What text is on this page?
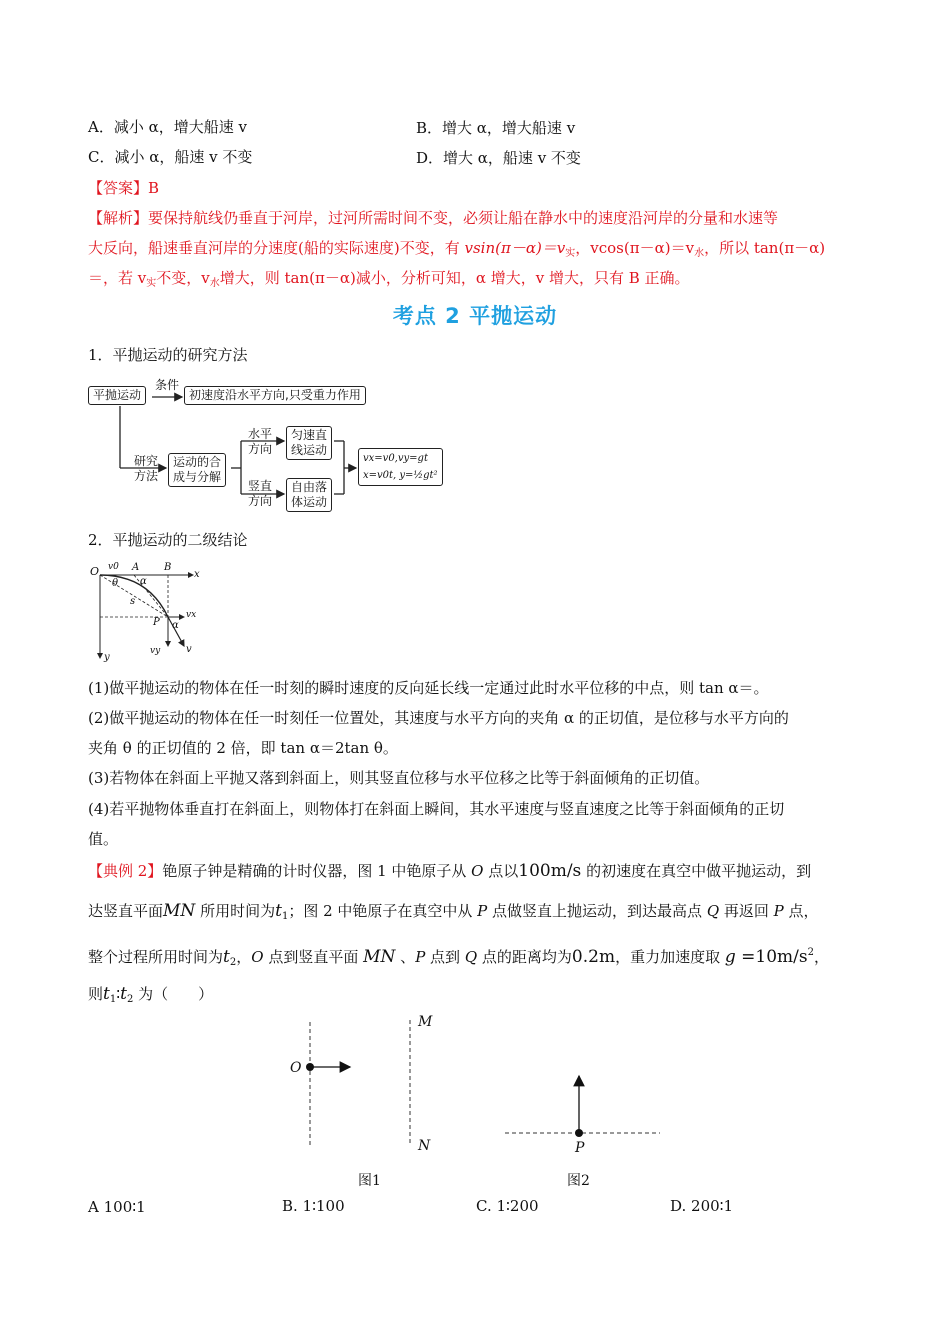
A．减小 α，增大船速 v	B．增大 α，增大船速 v
C．减小 α，船速 v 不变	D．增大 α，船速 v 不变
【答案】B
【解析】要保持航线仍垂直于河岸，过河所需时间不变，必须让船在静水中的速度沿河岸的分量和水速等
大反向，船速垂直河岸的分速度(船的实际速度)不变，有 $vsin(\pi-\alpha)=v_实$，$vcos(\pi-\alpha)=v_水$，所以 tan(π－α)
＝，若 $v_实$不变，$v_水$增大，则 tan(π－α)减小，分析可知，α 增大，v 增大，只有 B 正确。
考点 2 平抛运动
1．平抛运动的研究方法
平抛运动
条件
初速度沿水平方向,只受重力作用
研究
方法
运动的合
成与分解
水平
方向
竖直
方向
匀速直
线运动
自由落
体运动
vx=v0,vy=gt
x=v0t, y=½gt²
2．平抛运动的二级结论
O v0 A B
x
α
θ
s
vx
P α
vy	v
y
(1)做平抛运动的物体在任一时刻的瞬时速度的反向延长线一定通过此时水平位移的中点，则 tan α＝。
(2)做平抛运动的物体在任一时刻任一位置处，其速度与水平方向的夹角 α 的正切值，是位移与水平方向的
夹角 θ 的正切值的 2 倍，即 tan α＝2tan θ。
(3)若物体在斜面上平抛又落到斜面上，则其竖直位移与水平位移之比等于斜面倾角的正切值。
(4)若平抛物体垂直打在斜面上，则物体打在斜面上瞬间，其水平速度与竖直速度之比等于斜面倾角的正切
值。
【典例 2】铯原子钟是精确的计时仪器，图 1 中铯原子从 O 点以100m/s 的初速度在真空中做平抛运动，到
达竖直平面MN 所用时间为$t_1$；图 2 中铯原子在真空中从 P 点做竖直上抛运动，到达最高点 Q 再返回 P 点，
整个过程所用时间为$t_2$，O 点到竖直平面 MN 、P 点到 Q 点的距离均为0.2m，重力加速度取 $g =10m/s^2$，
则$t_1∶t_2$ 为（　　）
O
M
N	P
图1	图2
A 100∶1	B. 1∶100	C. 1∶200	D. 200∶1
